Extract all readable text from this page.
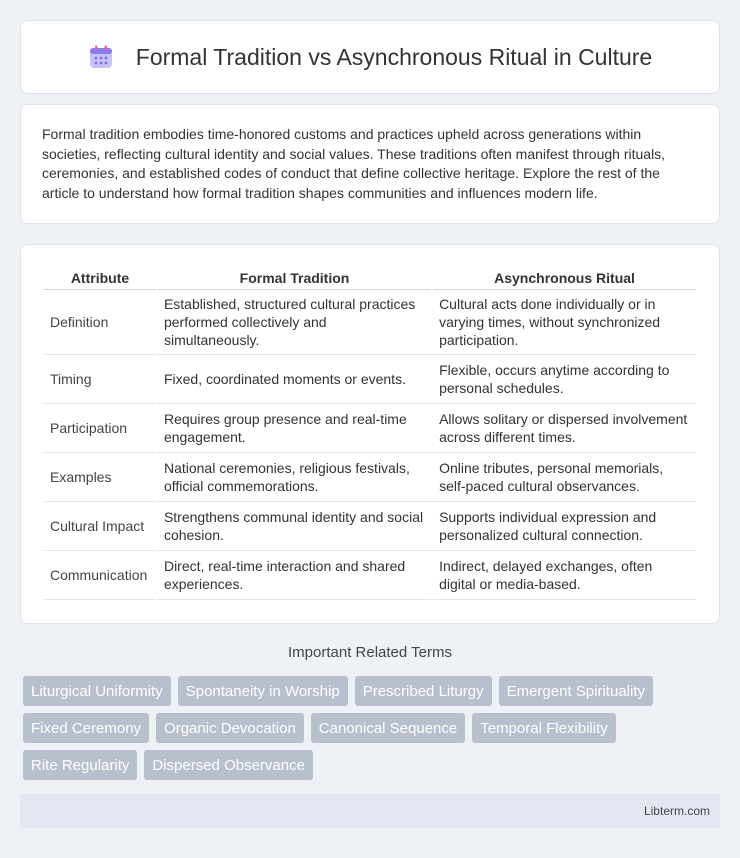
Formal Tradition vs Asynchronous Ritual in Culture

Formal tradition embodies time-honored customs and practices upheld across generations within societies, reflecting cultural identity and social values. These traditions often manifest through rituals, ceremonies, and established codes of conduct that define collective heritage. Explore the rest of the article to understand how formal tradition shapes communities and influences modern life.

Attribute	Formal Tradition	Asynchronous Ritual
Definition	Established, structured cultural practices performed collectively and simultaneously.	Cultural acts done individually or in varying times, without synchronized participation.
Timing	Fixed, coordinated moments or events.	Flexible, occurs anytime according to personal schedules.
Participation	Requires group presence and real-time engagement.	Allows solitary or dispersed involvement across different times.
Examples	National ceremonies, religious festivals, official commemorations.	Online tributes, personal memorials, self-paced cultural observances.
Cultural Impact	Strengthens communal identity and social cohesion.	Supports individual expression and personalized cultural connection.
Communication	Direct, real-time interaction and shared experiences.	Indirect, delayed exchanges, often digital or media-based.
Important Related Terms
Liturgical Uniformity	Spontaneity in Worship	Prescribed Liturgy	Emergent Spirituality
Fixed Ceremony	Organic Devocation	Canonical Sequence	Temporal Flexibility
Rite Regularity	Dispersed Observance
Libterm.com
